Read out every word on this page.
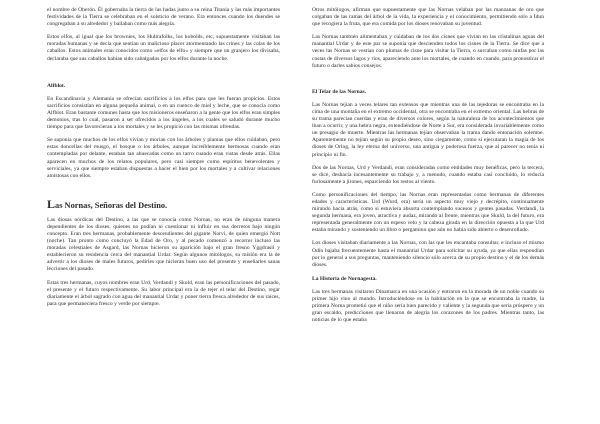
el nombre de Oberón. Él gobernaba la tierra de las hadas junto a su reina Titania y las más importantes festividades de la Tierra se celebraban en el solsticio de verano. Era entonces cuando los duendes se congregaban a su alrededor y bailaban como más alegría.

Estos elfos, al igual que los brownies, los Hultrafolks, los kobolds, etc, supuestamente visitaban las moradas humanas y se decía que sentían un malicioso placer atormentando las crines y las colas de los caballos. Estos animales eran conocidos como «elfos de elfo» y siempre que un granjero los divisaba, declaraba que sus caballos habían sido cabalgados por los elfos durante la noche.

Alfblot.

En Escandinavia y Alemania se ofrecían sacrificios a los elfos para que les fueran propicios. Estos sacrificios consistían en alguna pequeña animal, o en un cuenco de miel y leche, que se conocía como Alfblot. Eran bastante comunes hasta que los misioneros enseñaron a la gente que los elfos eran simples demonios, tras lo cual, pasaron a ser ofrecidos a los ángeles, a los cuales se saludó durante mucho tiempo para que favorecieran a los mortales y se les propició con las mismas ofrendas.

Se suponía que muchos de los elfos vivían y morían con los árboles y plantas que ellos cuidaban, pero estas doncellas del musgo, el bosque o los árboles, aunque increíblemente hermosas cuando eran contempladas por delante, estaban tan ahuecadas como un tarro cuando eran vistas desde atrás. Ellas aparecen en muchos de los relatos populares, pero casi siempre como espíritus benevolentes y serviciales, ya que siempre estaban dispuestas a hacer el bien por los mortales y a cultivar relaciones amistosas con ellos.

Las Nornas, Señoras del Destino.

Las diosas nórdicas del Destino, a las que se conocía como Nornas, no eran de ninguna manera dependientes de los dioses, quienes no podían ni cuestionar ni influir en sus decretos bajo ningún concepto. Eran tres hermanas, probablemente descendientes del gigante Norvi, de quien emergió Nott (noche). Tan pronto como concluyó la Edad de Oro, y al pecado comenzó a recorrer incluso las moradas celestiales de Asgard, las Nornas hicieron su aparición bajo el gran fresno Yggdrasil y establecieron su residencia cerca del manantial Urdar. Según algunos mitólogos, su misión era la de advertir a los dioses de males futuros, pedirles que hicieran buen uso del presente y enseñarles sanas lecciones del pasado.

Estas tres hermanas, cuyos nombres eran Urd, Verdandi y Skuld, eran las personificaciones del pasado, el presente y el futuro respectivamente. Su labor principal era la de tejer el telar del Destino, regar diariamente el árbol sagrado con agua del manantial Urdar y poner tierra fresca alrededor de sus raíces, para que permaneciera fresco y verde por siempre.

Otros mitólogos, afirman que supuestamente que las Nornas velaban por las manzanas de oro que colgaban de las ramas del árbol de la vida, la experiencia y el conocimiento, permitiendo sólo a Idun que recogiera la fruta, que era comida por los dioses renovaban su juventud.

Las Nornas también alimentaban y cuidaban de los dos cisnes que vivían en las cristalinas aguas del manantial Urdar y de este par se suponía que descienden todos los cisnes de la Tierra. Se dice que a veces las Nornas se vestían con plumas de cisne para visitar la Tierra, o surcaban como ninfas por las costas de diversos lagos y ríos, apareciendo ante los mortales, de cuando en cuando, para pronosticar el futuro o darles sabios consejos.

El Telar de las Nornas.

Las Nornas tejían a veces telares tan extensos que mientras una de las tejedoras se encontraba en la cima de una montaña en el extremo occidental, otra se encontraba en el extremo oriental. Las hebras de su trama parecían cuerdas y eran de diversos colores, según la naturaleza de los acontecimientos que iban a ocurrir, y una hebra negra, extendiéndose de Norte a Sur, era considerada invariablemente como un presagio de muerte. Mientras las hermanas tejían observaban la trama dando entonación solemne. Aparentemente no tejían según su propio deseo, sino ciegamente, como si ejecutaran la magia de los dioses de Orlog, la ley eterna del universo, una antigua y poderosa fuerza, que al parecer no tenía ni principio ni fin.

Dos de las Nornas, Urd y Verdandi, eran consideradas como entidades muy benéficas, pero la tercera, se dice, deshacía incesantemente su trabajo y, a menudo, cuando estaba casi concluido, lo reducía furiosamente a jirones, esparciendo los restos al viento.

Como personificaciones del tiempo, las Nornas eran representadas como hermanas de diferentes edades y características. Urd (Wurd, era) sería un aspecto muy viejo y decrépito, continuamente mirando hacia atrás, como si estuviera absorta contemplando sucesos y gentes pasadas. Verdandi, la segunda hermana, era joven, atractiva y audaz, mirando al frente, mientras que Skuld, la del futuro, era representada generalmente con un espeso velo y la cabeza girada en la dirección opuesta a la que Urd estaba mirando y sosteniendo un libro o pergamino que aún no había sido abierto o desenrollado.

Los dioses visitaban diariamente a las Nornas, con las que les encantaba consultar, e incluso el mismo Odín bajaba frecuentemente hasta el manantial Urdar para solicitar su ayuda, ya que ellas respondían por lo general a sus preguntas, manteniendo silencio sólo acerca de su propio destino y el de los demás dioses.

La Historia de Nornagesta.

Las tres hermanas visitaron Dinamarca en una ocasión y entraron en la morada de un noble cuando su primer hijo vino al mundo. Introduciéndose en la habitación en la que se encontraba la madre, la primera Norna prometió que el niño sería bien parecido y valiente y la segunda que sería próspero y un gran escaldo, predicciones que llenaron de alegría los corazones de los padres. Mientras tanto, las noticias de lo que estaba
